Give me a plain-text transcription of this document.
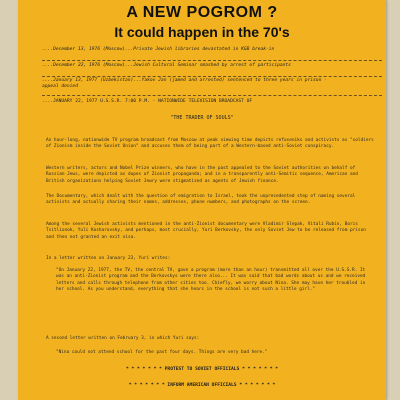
A NEW POGROM ?
It could happen in the 70's
....December 13, 1976 (Moscow)...Private Jewish libraries devastated in KGB break-in
....December 22, 1976 (Moscow)...Jewish Cultural Seminar smashed by arrest of participants
....January 13, 1977 (Uzbekistan)...Yakov Jan (jamed and arrested) sentenced to three years in prison - appeal denied
....JANUARY 22, 1977 U.S.S.R. 7:00 P.M. - NATIONWIDE TELEVISION BROADCAST OF
"THE TRADER OF SOULS"
An hour-long, nationwide TV program broadcast from Moscow at peak viewing time depicts refuseniks and activists as "soldiers of Zionism inside the Soviet Union" and accuses them of being part of a Western-based anti-Soviet conspiracy.
Western writers, actors and Nobel Prize winners, who have in the past appealed to the Soviet authorities on behalf of Russian Jews, were depicted as dupes of Zionist propaganda; and in a transparently anti-Semitic sequence, American and British organizations helping Soviet Jewry were stigmatized as agents of Jewish finance.
The Documentary, which dealt with the question of emigration to Israel, took the unprecedented step of naming several activists and actually sharing their names, addresses, phone numbers, and photographs on the screen.
Among the several Jewish activists mentioned in the anti-Zionist documentary were Vladimir Slepak, Vitali Rubin, Boris Tsitlionok, Yuli Kosharovsky, and perhaps, most crucially, Yuri Berkovsky, the only Soviet Jew to be released from prison and then not granted an exit visa.
In a letter written on January 23, Yuri writes:
"On January 22, 1977, the TV, the central TV, gave a program (more than an hour) transmitted all over the U.S.S.R. It was an anti-Zionist program and the Berkovskys were there also... It was said that bad words about us and we received letters and calls through telephone from other cities too. Chiefly, we worry about Nina. She may have her troubled in her school. As you understand, everything that she hears in the school is not such a little girl."
A second letter written on February 3, in which Yuri says:
"Nina could not attend school for the past four days. Things are very bad here."
* * * * * * * PROTEST TO SOVIET OFFICIALS * * * * * * *
* * * * * * * INFORM AMERICAN OFFICIALS * * * * * * *
